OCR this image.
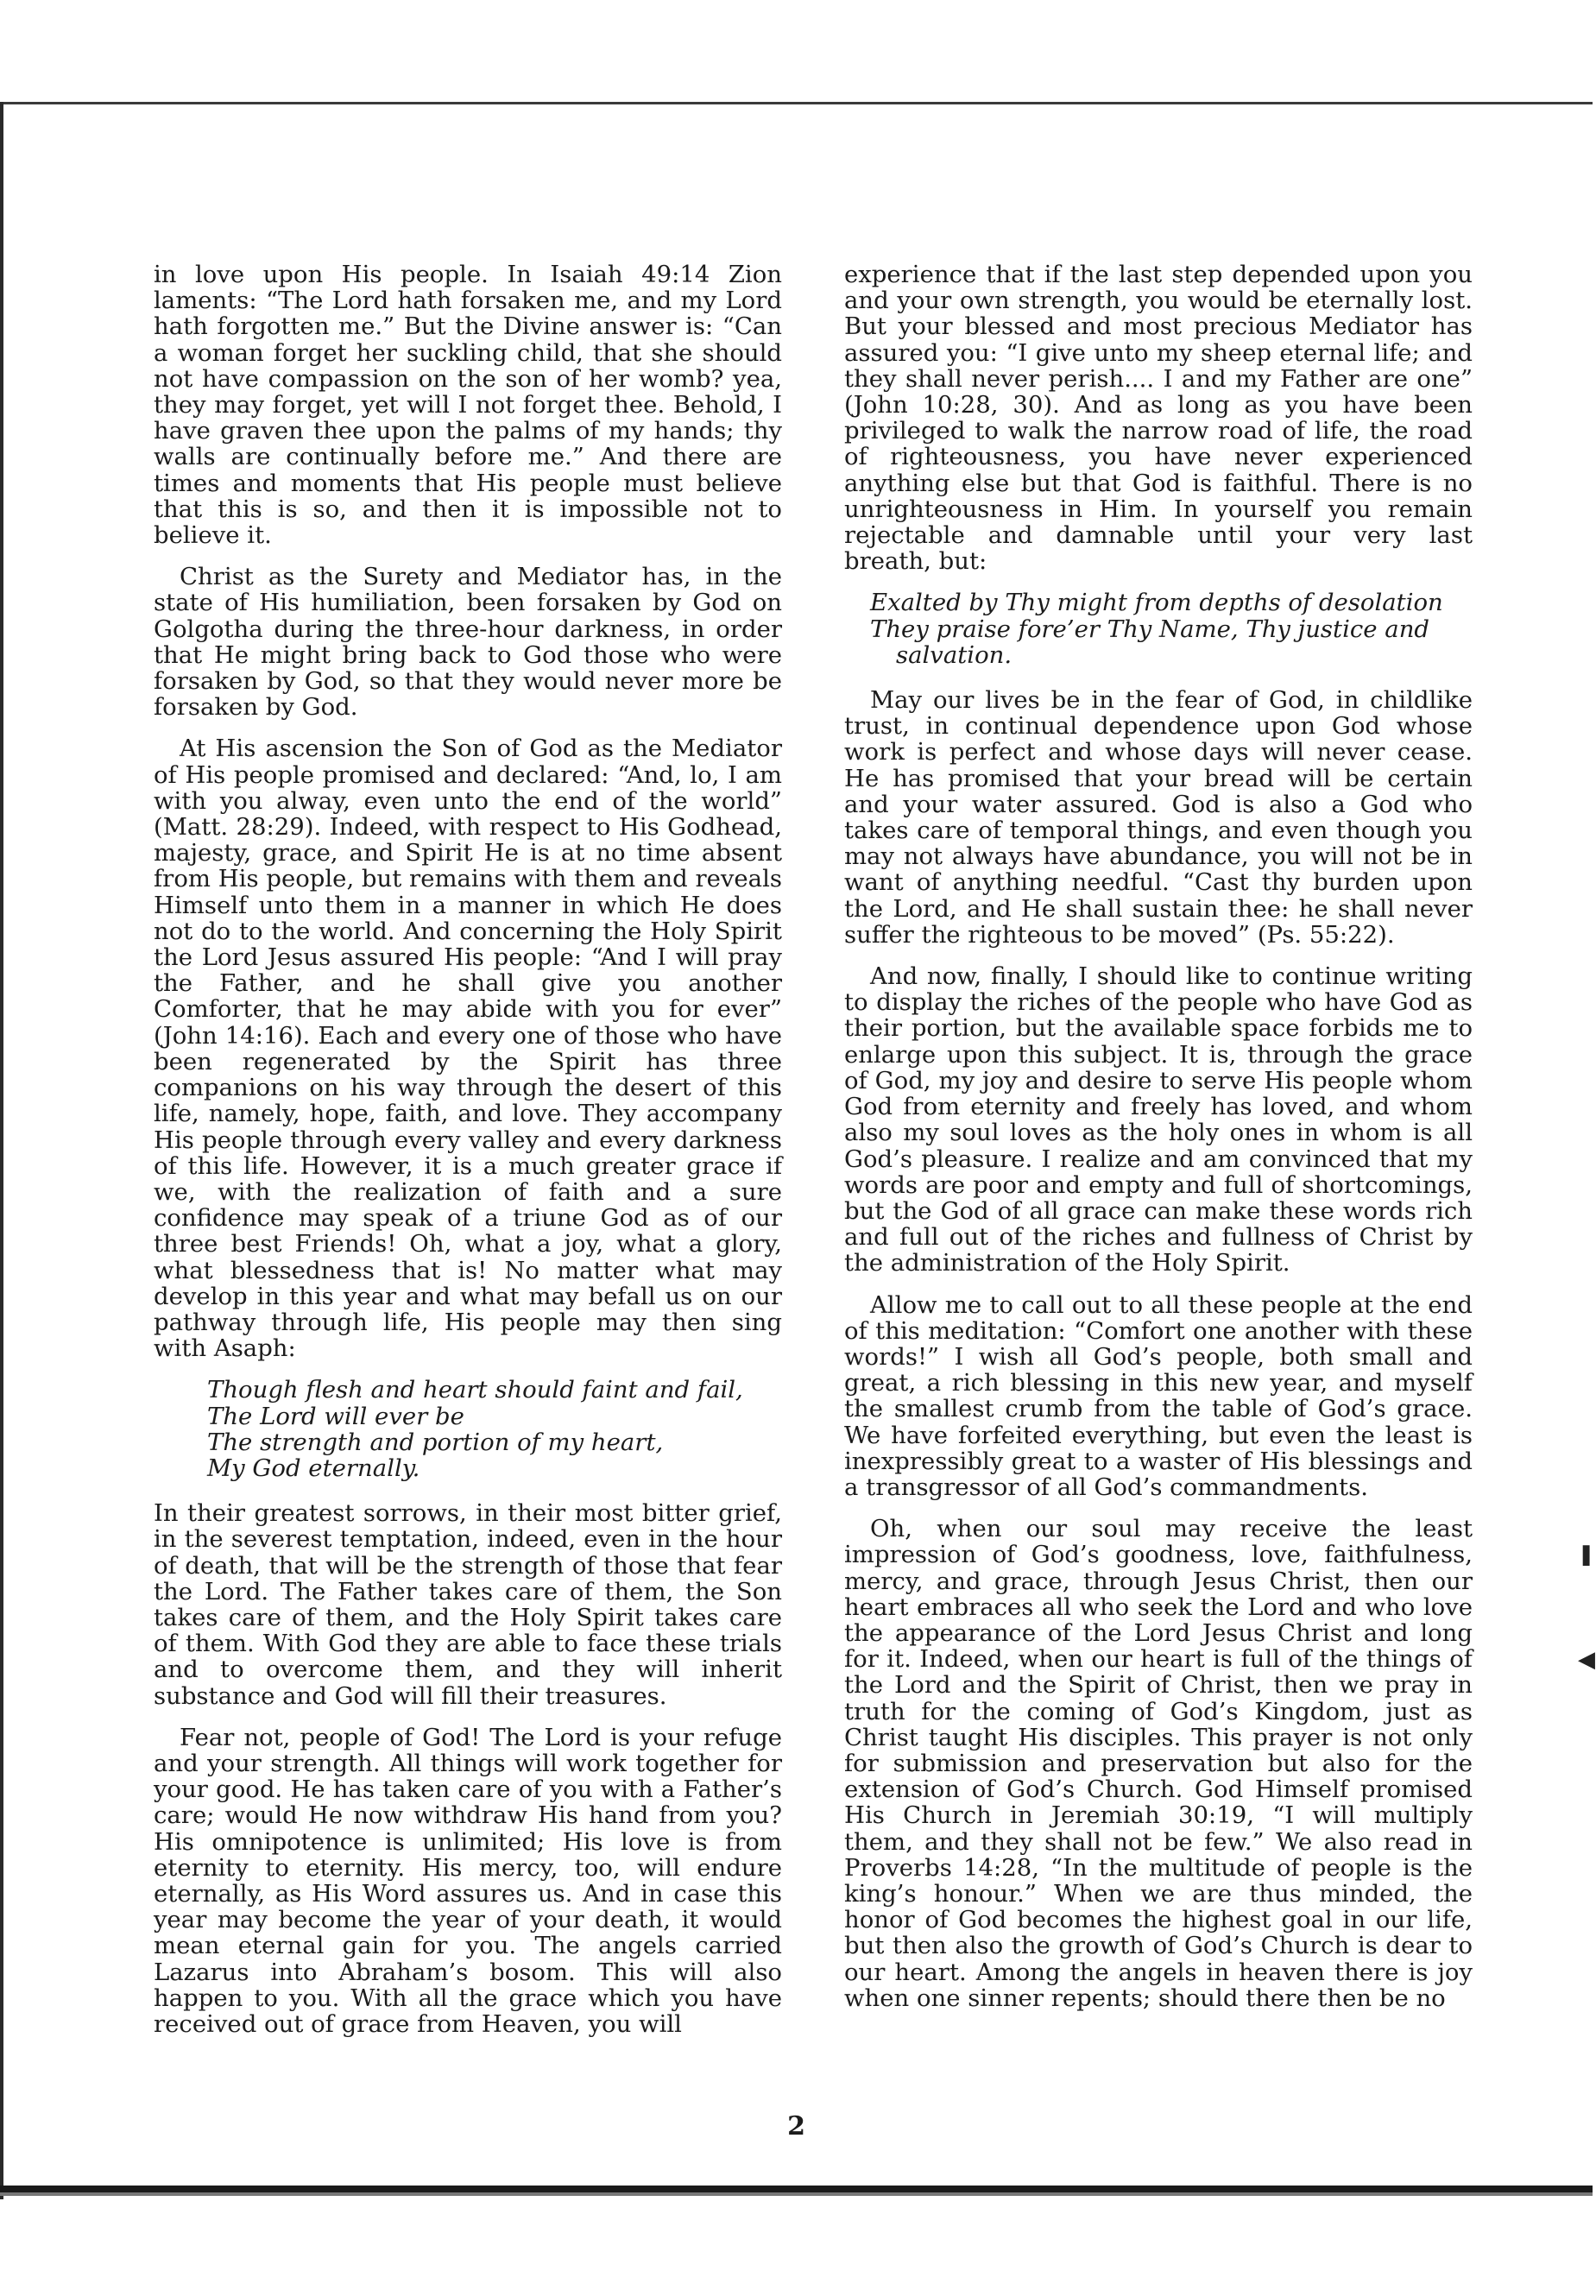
in love upon His people. In Isaiah 49:14 Zion laments: “The Lord hath forsaken me, and my Lord hath forgotten me.” But the Divine answer is: “Can a woman forget her suckling child, that she should not have compassion on the son of her womb? yea, they may forget, yet will I not forget thee. Behold, I have graven thee upon the palms of my hands; thy walls are continually before me.” And there are times and moments that His people must believe that this is so, and then it is impossible not to believe it.

Christ as the Surety and Mediator has, in the state of His humiliation, been forsaken by God on Golgotha during the three-hour darkness, in order that He might bring back to God those who were forsaken by God, so that they would never more be forsaken by God.

At His ascension the Son of God as the Mediator of His people promised and declared: “And, lo, I am with you alway, even unto the end of the world” (Matt. 28:29). Indeed, with respect to His Godhead, majesty, grace, and Spirit He is at no time absent from His people, but remains with them and reveals Himself unto them in a manner in which He does not do to the world. And concerning the Holy Spirit the Lord Jesus assured His people: “And I will pray the Father, and he shall give you another Comforter, that he may abide with you for ever” (John 14:16). Each and every one of those who have been regenerated by the Spirit has three companions on his way through the desert of this life, namely, hope, faith, and love. They accompany His people through every valley and every darkness of this life. However, it is a much greater grace if we, with the realization of faith and a sure confidence may speak of a triune God as of our three best Friends! Oh, what a joy, what a glory, what blessedness that is! No matter what may develop in this year and what may befall us on our pathway through life, His people may then sing with Asaph:

Though flesh and heart should faint and fail,
The Lord will ever be
The strength and portion of my heart,
My God eternally.

In their greatest sorrows, in their most bitter grief, in the severest temptation, indeed, even in the hour of death, that will be the strength of those that fear the Lord. The Father takes care of them, the Son takes care of them, and the Holy Spirit takes care of them. With God they are able to face these trials and to overcome them, and they will inherit substance and God will fill their treasures.

Fear not, people of God! The Lord is your refuge and your strength. All things will work together for your good. He has taken care of you with a Father’s care; would He now withdraw His hand from you? His omnipotence is unlimited; His love is from eternity to eternity. His mercy, too, will endure eternally, as His Word assures us. And in case this year may become the year of your death, it would mean eternal gain for you. The angels carried Lazarus into Abraham’s bosom. This will also happen to you. With all the grace which you have received out of grace from Heaven, you will

experience that if the last step depended upon you and your own strength, you would be eternally lost. But your blessed and most precious Mediator has assured you: “I give unto my sheep eternal life; and they shall never perish.... I and my Father are one” (John 10:28, 30). And as long as you have been privileged to walk the narrow road of life, the road of righteousness, you have never experienced anything else but that God is faithful. There is no unrighteousness in Him. In yourself you remain rejectable and damnable until your very last breath, but:

Exalted by Thy might from depths of desolation
They praise fore’er Thy Name, Thy justice and
salvation.

May our lives be in the fear of God, in childlike trust, in continual dependence upon God whose work is perfect and whose days will never cease. He has promised that your bread will be certain and your water assured. God is also a God who takes care of temporal things, and even though you may not always have abundance, you will not be in want of anything needful. “Cast thy burden upon the Lord, and He shall sustain thee: he shall never suffer the righteous to be moved” (Ps. 55:22).

And now, finally, I should like to continue writing to display the riches of the people who have God as their portion, but the available space forbids me to enlarge upon this subject. It is, through the grace of God, my joy and desire to serve His people whom God from eternity and freely has loved, and whom also my soul loves as the holy ones in whom is all God’s pleasure. I realize and am convinced that my words are poor and empty and full of shortcomings, but the God of all grace can make these words rich and full out of the riches and fullness of Christ by the administration of the Holy Spirit.

Allow me to call out to all these people at the end of this meditation: “Comfort one another with these words!” I wish all God’s people, both small and great, a rich blessing in this new year, and myself the smallest crumb from the table of God’s grace. We have forfeited everything, but even the least is inexpressibly great to a waster of His blessings and a transgressor of all God’s commandments.

Oh, when our soul may receive the least impression of God’s goodness, love, faithfulness, mercy, and grace, through Jesus Christ, then our heart embraces all who seek the Lord and who love the appearance of the Lord Jesus Christ and long for it. Indeed, when our heart is full of the things of the Lord and the Spirit of Christ, then we pray in truth for the coming of God’s Kingdom, just as Christ taught His disciples. This prayer is not only for submission and preservation but also for the extension of God’s Church. God Himself promised His Church in Jeremiah 30:19, “I will multiply them, and they shall not be few.” We also read in Proverbs 14:28, “In the multitude of people is the king’s honour.” When we are thus minded, the honor of God becomes the highest goal in our life, but then also the growth of God’s Church is dear to our heart. Among the angels in heaven there is joy when one sinner repents; should there then be no

2
◀
▌
